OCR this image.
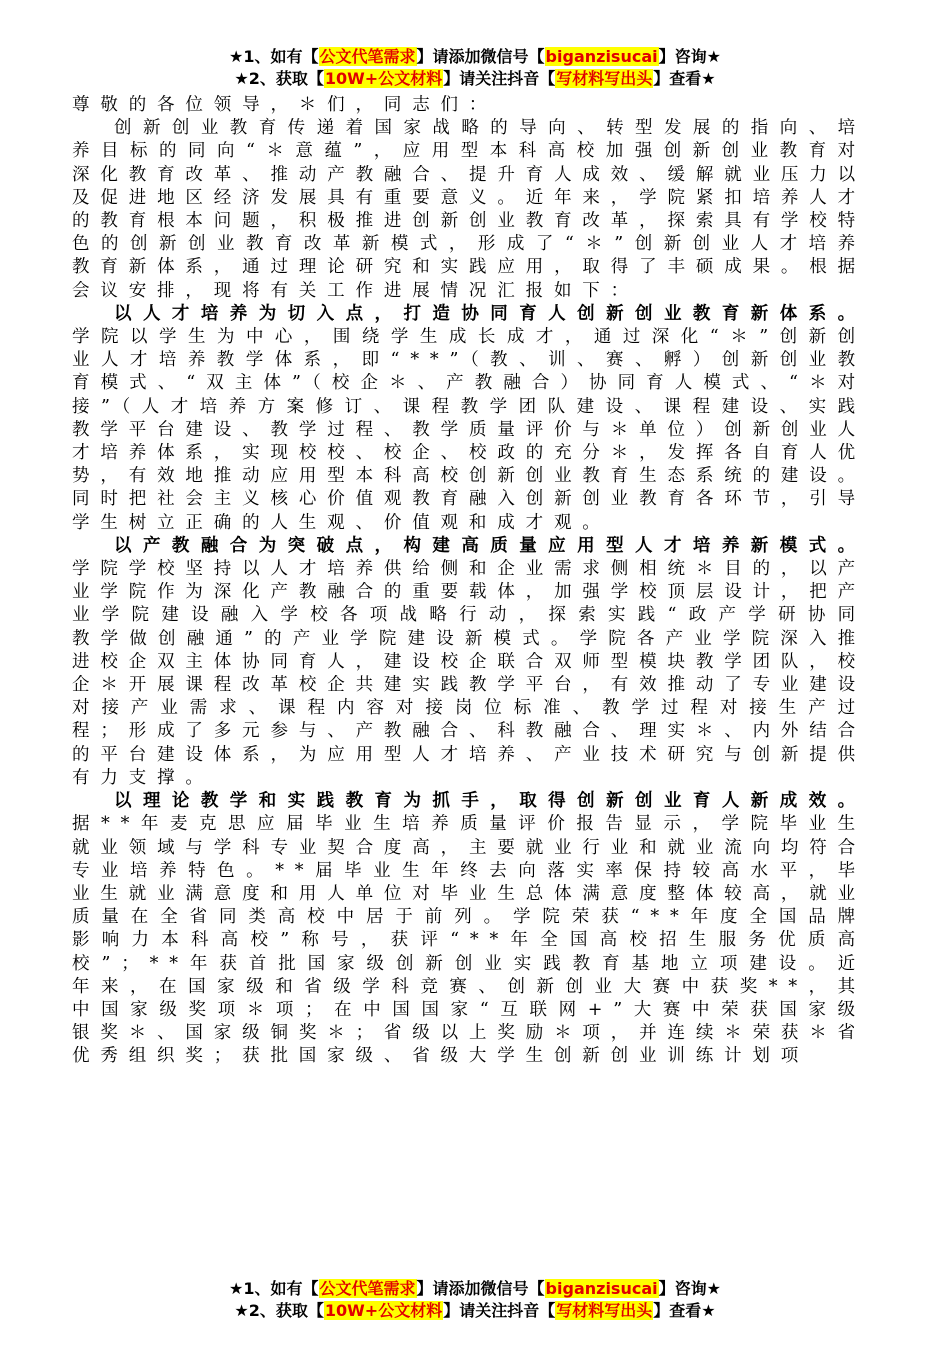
★1、如有【公文代笔需求】请添加微信号【biganzisucai】咨询★
★2、获取【10W+公文材料】请关注抖音【写材料写出头】查看★

尊敬的各位领导，＊们，同志们：

创新创业教育传递着国家战略的导向、转型发展的指向、培养目标的同向“＊意蕴”，应用型本科高校加强创新创业教育对深化教育改革、推动产教融合、提升育人成效、缓解就业压力以及促进地区经济发展具有重要意义。近年来，学院紧扣培养人才的教育根本问题，积极推进创新创业教育改革，探索具有学校特色的创新创业教育改革新模式，形成了“＊”创新创业人才培养教育新体系，通过理论研究和实践应用，取得了丰硕成果。根据会议安排，现将有关工作进展情况汇报如下：

以人才培养为切入点，打造协同育人创新创业教育新体系。学院以学生为中心，围绕学生成长成才，通过深化“＊”创新创业人才培养教学体系，即“**”（教、训、赛、孵）创新创业教育模式、“双主体”（校企＊、产教融合）协同育人模式、“＊对接”（人才培养方案修订、课程教学团队建设、课程建设、实践教学平台建设、教学过程、教学质量评价与＊单位）创新创业人才培养体系，实现校校、校企、校政的充分＊，发挥各自育人优势，有效地推动应用型本科高校创新创业教育生态系统的建设。同时把社会主义核心价值观教育融入创新创业教育各环节，引导学生树立正确的人生观、价值观和成才观。

以产教融合为突破点，构建高质量应用型人才培养新模式。学院学校坚持以人才培养供给侧和企业需求侧相统＊目的，以产业学院作为深化产教融合的重要载体，加强学校顶层设计，把产业学院建设融入学校各项战略行动，探索实践“政产学研协同 教学做创融通”的产业学院建设新模式。学院各产业学院深入推进校企双主体协同育人，建设校企联合双师型模块教学团队，校企＊开展课程改革校企共建实践教学平台，有效推动了专业建设对接产业需求、课程内容对接岗位标准、教学过程对接生产过程；形成了多元参与、产教融合、科教融合、理实＊、内外结合的平台建设体系，为应用型人才培养、产业技术研究与创新提供有力支撑。

以理论教学和实践教育为抓手，取得创新创业育人新成效。据**年麦克思应届毕业生培养质量评价报告显示，学院毕业生就业领域与学科专业契合度高，主要就业行业和就业流向均符合专业培养特色。**届毕业生年终去向落实率保持较高水平，毕业生就业满意度和用人单位对毕业生总体满意度整体较高，就业质量在全省同类高校中居于前列。学院荣获“**年度全国品牌影响力本科高校”称号，获评“**年全国高校招生服务优质高校”；**年获首批国家级创新创业实践教育基地立项建设。近年来，在国家级和省级学科竞赛、创新创业大赛中获奖**，其中国家级奖项＊项；在中国国家“互联网+”大赛中荣获国家级银奖＊、国家级铜奖＊；省级以上奖励＊项，并连续＊荣获＊省优秀组织奖；获批国家级、省级大学生创新创业训练计划项

★1、如有【公文代笔需求】请添加微信号【biganzisucai】咨询★
★2、获取【10W+公文材料】请关注抖音【写材料写出头】查看★
